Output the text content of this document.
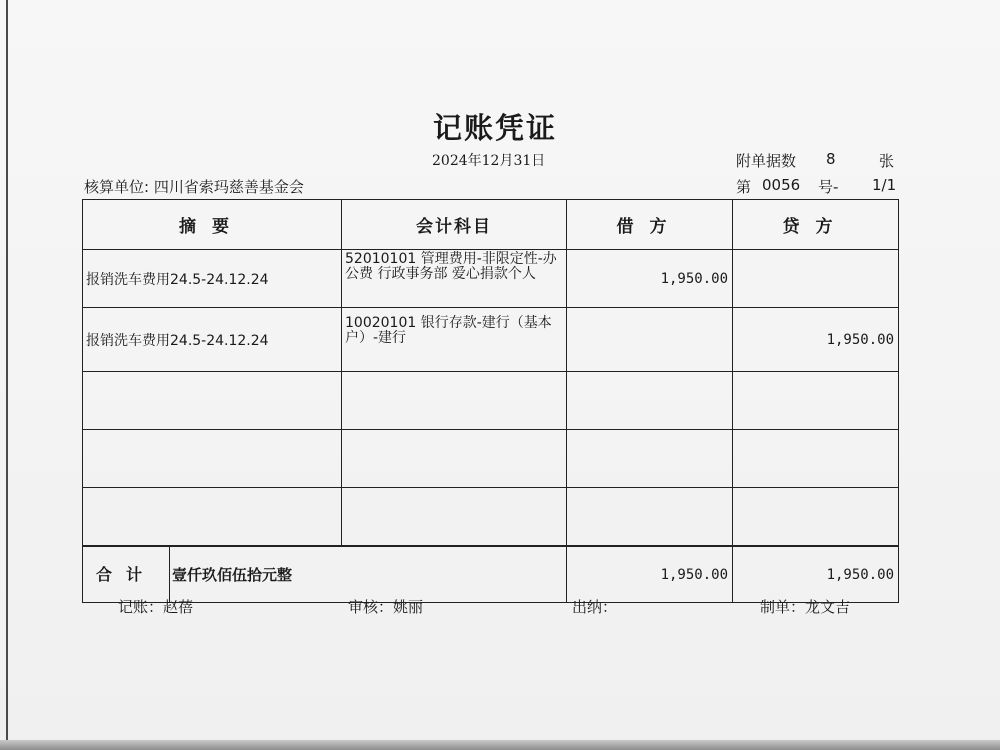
记账凭证
2024年12月31日	附单据数 8	张
核算单位: 四川省索玛慈善基金会	第 0056 号- 1/1
摘要	会计科目	借方	贷方
报销洗车费用24.5-24.12.24	52010101 管理费用-非限定性-办公费 行政事务部 爱心捐款个人	1,950.00	
报销洗车费用24.5-24.12.24	10020101 银行存款-建行（基本户）-建行		1,950.00

合计 壹仟玖佰伍拾元整		1,950.00	1,950.00
记账：赵蓓	审核：姚丽	出纳：	制单：龙文吉
